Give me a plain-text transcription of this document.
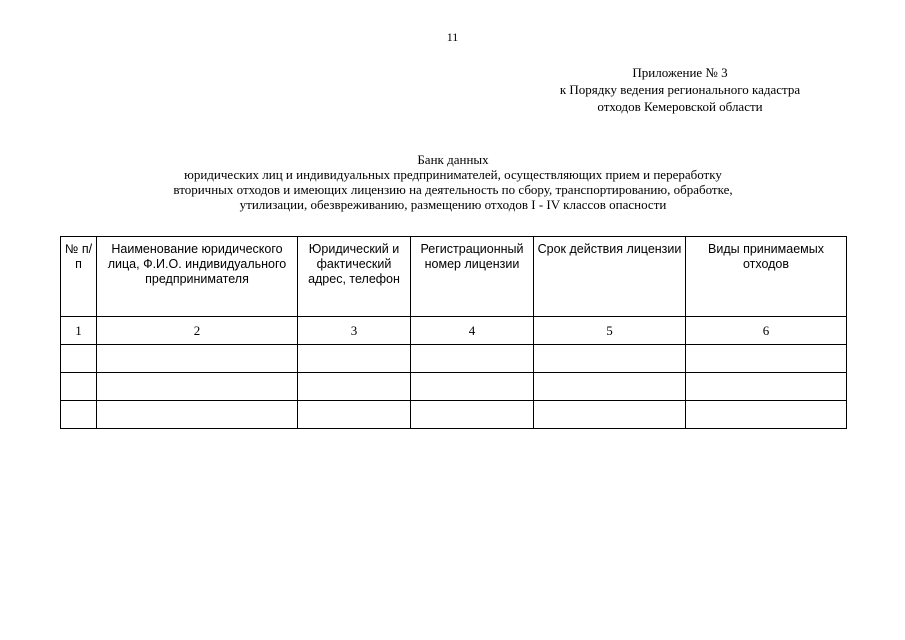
11
Приложение № 3
к Порядку ведения регионального кадастра
отходов Кемеровской области
Банк данных
юридических лиц и индивидуальных предпринимателей, осуществляющих прием и переработку
вторичных отходов и имеющих лицензию на деятельность по сбору, транспортированию, обработке,
утилизации, обезвреживанию, размещению отходов I - IV классов опасности
№ п/п	Наименование юридического лица, Ф.И.О. индивидуального предпринимателя	Юридический и фактический адрес, телефон	Регистрационный номер лицензии	Срок действия лицензии	Виды принимаемых отходов
1	2	3	4	5	6
